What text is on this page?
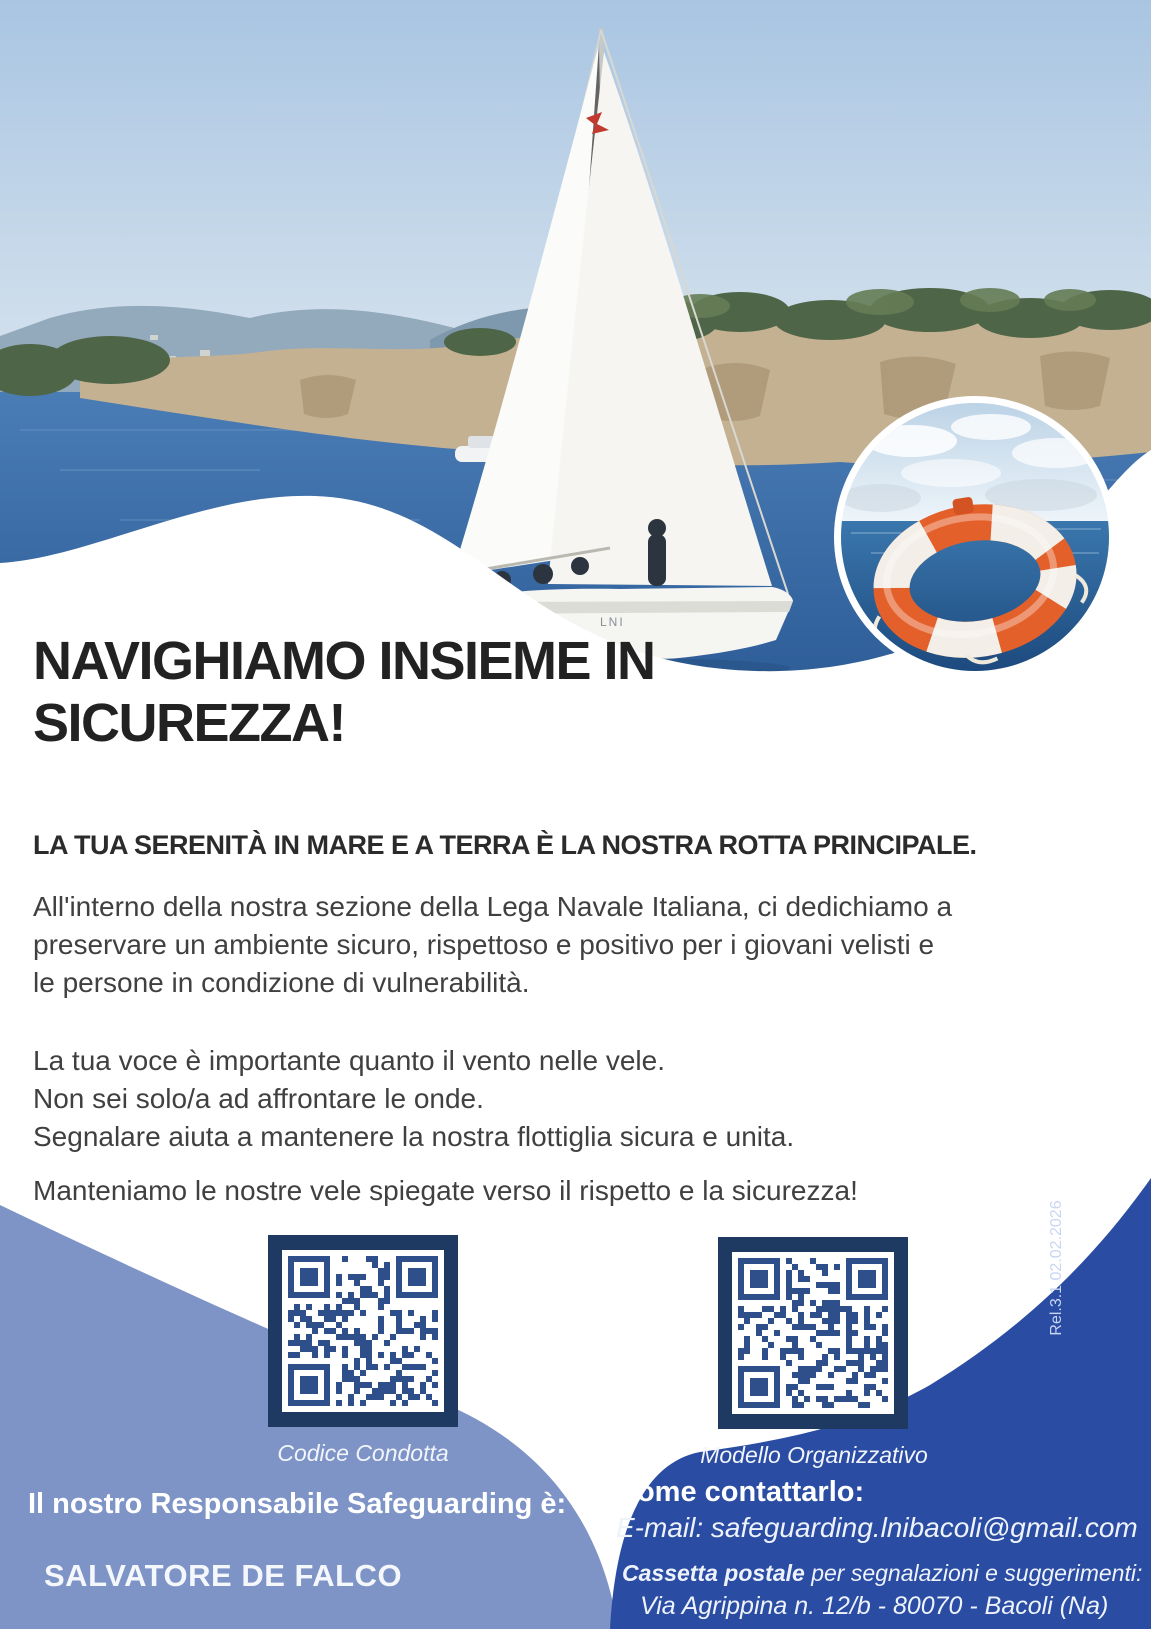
LNI
NAVIGHIAMO INSIEME IN
SICUREZZA!
LA TUA SERENITÀ IN MARE E A TERRA È LA NOSTRA ROTTA PRINCIPALE.
All'interno della nostra sezione della Lega Navale Italiana, ci dedichiamo a
preservare un ambiente sicuro, rispettoso e positivo per i giovani velisti e
le persone in condizione di vulnerabilità.
La tua voce è importante quanto il vento nelle vele.
Non sei solo/a ad affrontare le onde.
Segnalare aiuta a mantenere la nostra flottiglia sicura e unita.
Manteniamo le nostre vele spiegate verso il rispetto e la sicurezza!
Codice Condotta	Modello Organizzativo
Il nostro Responsabile Safeguarding è:
SALVATORE DE FALCO
Come contattarlo:
E-mail: safeguarding.lnibacoli@gmail.com
Cassetta postale per segnalazioni e suggerimenti:
Via Agrippina n. 12/b - 80070 - Bacoli (Na)
Rel.3.1 02.02.2026
